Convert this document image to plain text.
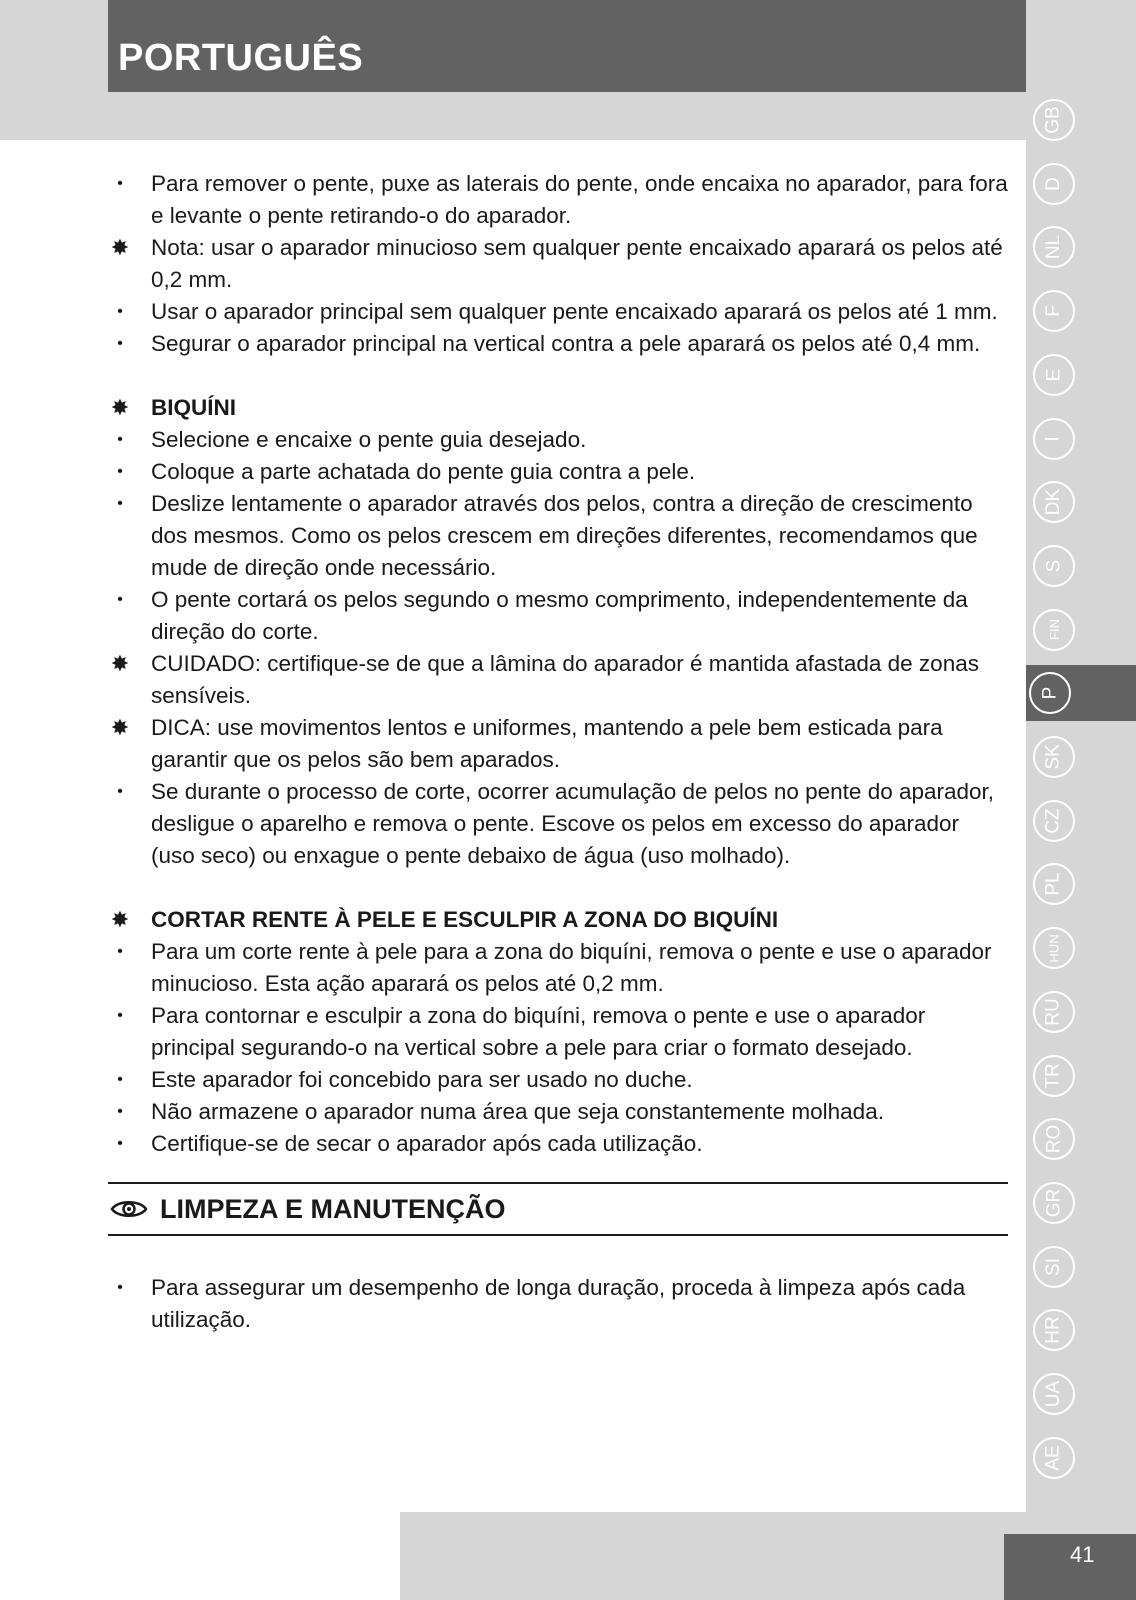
PORTUGUÊS
GB
D
NL
F
E
I
DK
S
FIN
P
SK
CZ
PL
HUN
RU
TR
RO
GR
SI
HR
UA
AE
•	Para remover o pente, puxe as laterais do pente, onde encaixa no aparador, para fora e levante o pente retirando-o do aparador.
✸ Nota: usar o aparador minucioso sem qualquer pente encaixado aparará os pelos até 0,2 mm.
•	Usar o aparador principal sem qualquer pente encaixado aparará os pelos até 1 mm.
•	Segurar o aparador principal na vertical contra a pele aparará os pelos até 0,4 mm.
✸ BIQUÍNI
•	Selecione e encaixe o pente guia desejado.
•	Coloque a parte achatada do pente guia contra a pele.
•	Deslize lentamente o aparador através dos pelos, contra a direção de crescimento dos mesmos. Como os pelos crescem em direções diferentes, recomendamos que mude de direção onde necessário.
•	O pente cortará os pelos segundo o mesmo comprimento, independentemente da direção do corte.
✸ CUIDADO: certifique-se de que a lâmina do aparador é mantida afastada de zonas sensíveis.
✸ DICA: use movimentos lentos e uniformes, mantendo a pele bem esticada para garantir que os pelos são bem aparados.
•	Se durante o processo de corte, ocorrer acumulação de pelos no pente do aparador, desligue o aparelho e remova o pente. Escove os pelos em excesso do aparador (uso seco) ou enxague o pente debaixo de água (uso molhado).
✸ CORTAR RENTE À PELE E ESCULPIR A ZONA DO BIQUÍNI
•	Para um corte rente à pele para a zona do biquíni, remova o pente e use o aparador minucioso. Esta ação aparará os pelos até 0,2 mm.
•	Para contornar e esculpir a zona do biquíni, remova o pente e use o aparador principal segurando-o na vertical sobre a pele para criar o formato desejado.
•	Este aparador foi concebido para ser usado no duche.
•	Não armazene o aparador numa área que seja constantemente molhada.
•	Certifique-se de secar o aparador após cada utilização.
LIMPEZA E MANUTENÇÃO
•	Para assegurar um desempenho de longa duração, proceda à limpeza após cada utilização.
41
